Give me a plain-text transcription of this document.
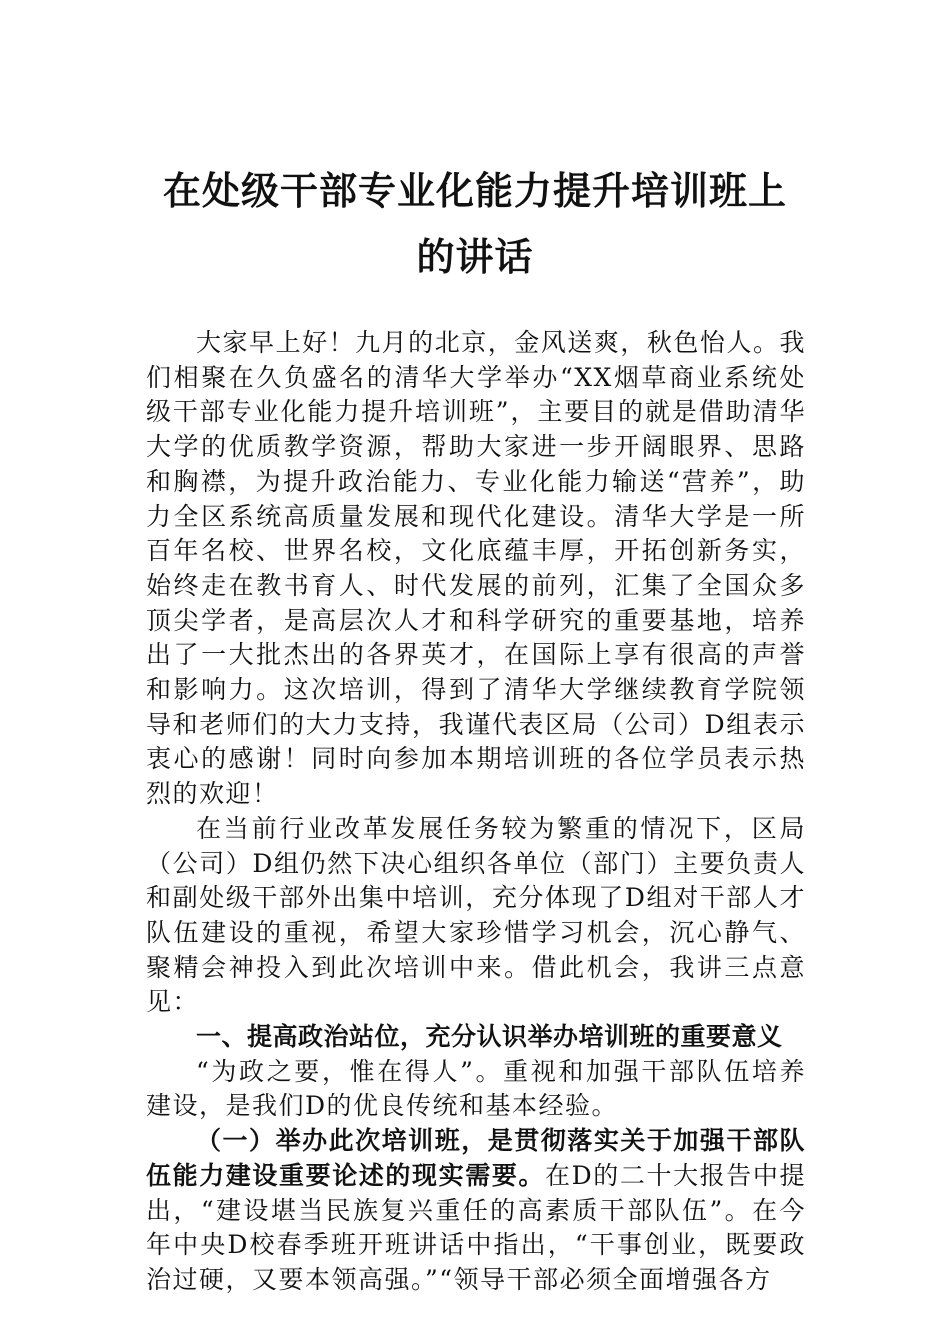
在处级干部专业化能力提升培训班上的讲话

大家早上好！九月的北京，金风送爽，秋色怡人。我们相聚在久负盛名的清华大学举办“XX烟草商业系统处级干部专业化能力提升培训班”，主要目的就是借助清华大学的优质教学资源，帮助大家进一步开阔眼界、思路和胸襟，为提升政治能力、专业化能力输送“营养”，助力全区系统高质量发展和现代化建设。清华大学是一所百年名校、世界名校，文化底蕴丰厚，开拓创新务实，始终走在教书育人、时代发展的前列，汇集了全国众多顶尖学者，是高层次人才和科学研究的重要基地，培养出了一大批杰出的各界英才，在国际上享有很高的声誉和影响力。这次培训，得到了清华大学继续教育学院领导和老师们的大力支持，我谨代表区局（公司）D组表示衷心的感谢！同时向参加本期培训班的各位学员表示热烈的欢迎！

在当前行业改革发展任务较为繁重的情况下，区局（公司）D组仍然下决心组织各单位（部门）主要负责人和副处级干部外出集中培训，充分体现了D组对干部人才队伍建设的重视，希望大家珍惜学习机会，沉心静气、聚精会神投入到此次培训中来。借此机会，我讲三点意见：

一、提高政治站位，充分认识举办培训班的重要意义

“为政之要，惟在得人”。重视和加强干部队伍培养建设，是我们D的优良传统和基本经验。

（一）举办此次培训班，是贯彻落实关于加强干部队伍能力建设重要论述的现实需要。在D的二十大报告中提出，“建设堪当民族复兴重任的高素质干部队伍”。在今年中央D校春季班开班讲话中指出，“干事创业，既要政治过硬，又要本领高强。”“领导干部必须全面增强各方
